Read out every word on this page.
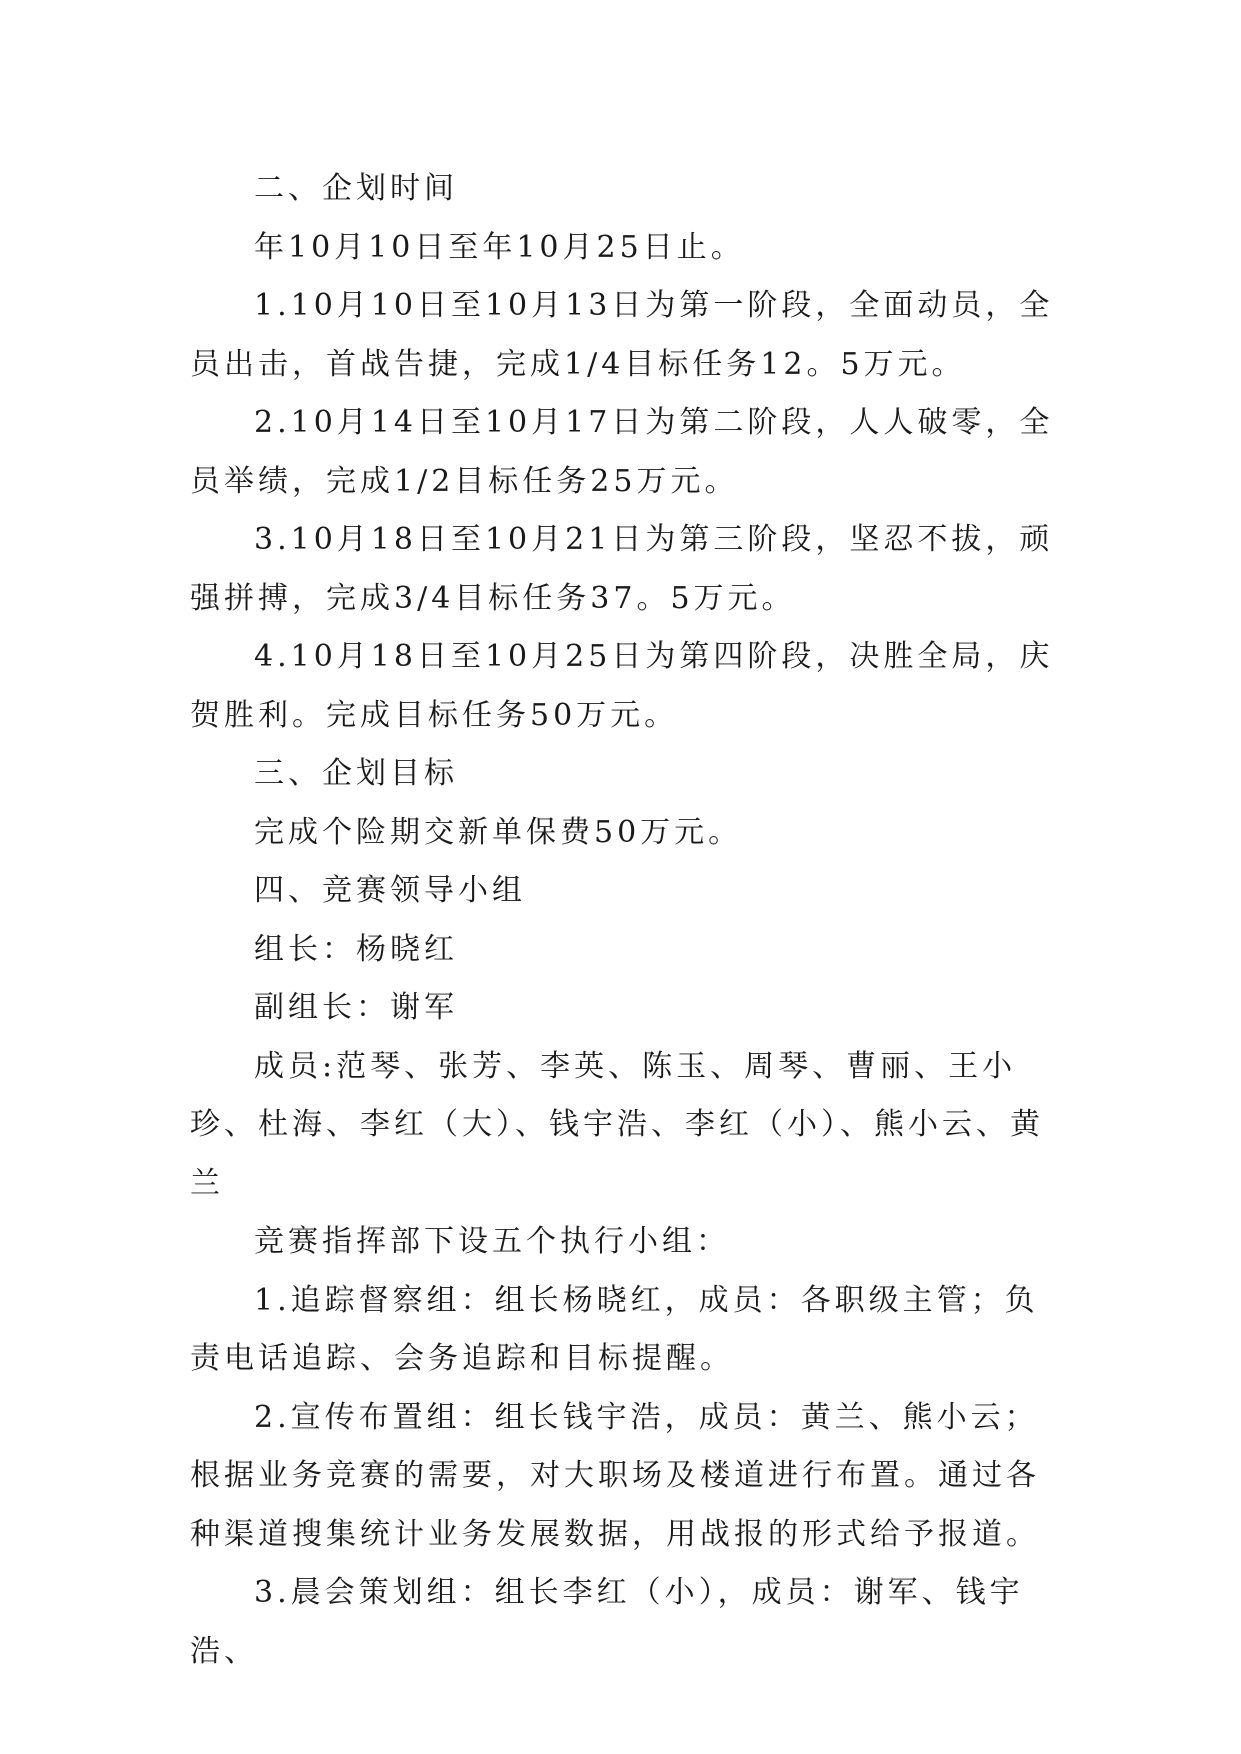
二、企划时间

年10月10日至年10月25日止。

1.10月10日至10月13日为第一阶段，全面动员，全员出击，首战告捷，完成1/4目标任务12。5万元。

2.10月14日至10月17日为第二阶段，人人破零，全员举绩，完成1/2目标任务25万元。

3.10月18日至10月21日为第三阶段，坚忍不拔，顽强拼搏，完成3/4目标任务37。5万元。

4.10月18日至10月25日为第四阶段，决胜全局，庆贺胜利。完成目标任务50万元。

三、企划目标

完成个险期交新单保费50万元。

四、竞赛领导小组

组长：杨晓红

副组长：谢军

成员:范琴、张芳、李英、陈玉、周琴、曹丽、王小珍、杜海、李红（大）、钱宇浩、李红（小）、熊小云、黄兰

竞赛指挥部下设五个执行小组：

1.追踪督察组：组长杨晓红，成员：各职级主管；负责电话追踪、会务追踪和目标提醒。

2.宣传布置组：组长钱宇浩，成员：黄兰、熊小云；根据业务竞赛的需要，对大职场及楼道进行布置。通过各种渠道搜集统计业务发展数据，用战报的形式给予报道。

3.晨会策划组：组长李红（小），成员：谢军、钱宇浩、
